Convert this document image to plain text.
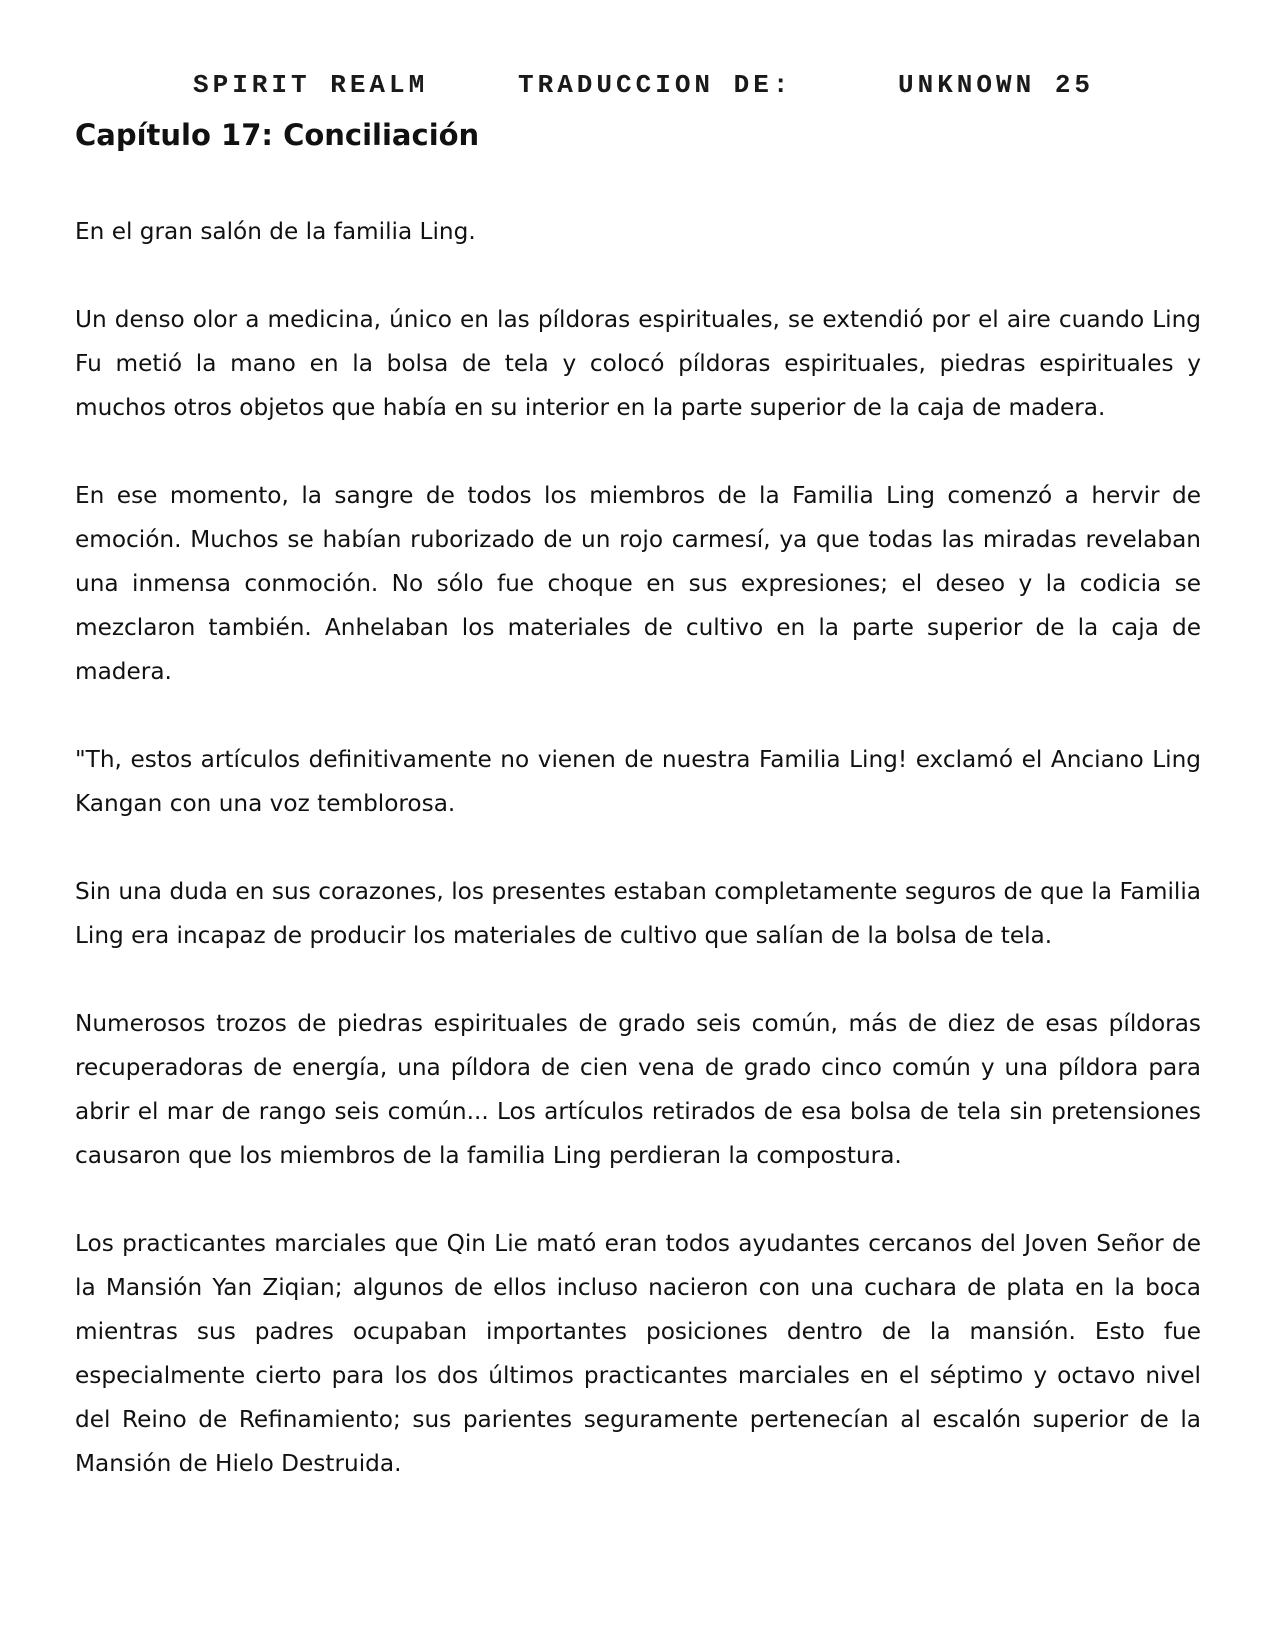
SPIRIT REALM	TRADUCCION DE:	UNKNOWN 25
Capítulo 17: Conciliación

En el gran salón de la familia Ling.

Un denso olor a medicina, único en las píldoras espirituales, se extendió por el aire cuando Ling Fu metió la mano en la bolsa de tela y colocó píldoras espirituales, piedras espirituales y muchos otros objetos que había en su interior en la parte superior de la caja de madera.

En ese momento, la sangre de todos los miembros de la Familia Ling comenzó a hervir de emoción. Muchos se habían ruborizado de un rojo carmesí, ya que todas las miradas revelaban una inmensa conmoción. No sólo fue choque en sus expresiones; el deseo y la codicia se mezclaron también. Anhelaban los materiales de cultivo en la parte superior de la caja de madera.

"Th, estos artículos definitivamente no vienen de nuestra Familia Ling! exclamó el Anciano Ling Kangan con una voz temblorosa.

Sin una duda en sus corazones, los presentes estaban completamente seguros de que la Familia Ling era incapaz de producir los materiales de cultivo que salían de la bolsa de tela.

Numerosos trozos de piedras espirituales de grado seis común, más de diez de esas píldoras recuperadoras de energía, una píldora de cien vena de grado cinco común y una píldora para abrir el mar de rango seis común... Los artículos retirados de esa bolsa de tela sin pretensiones causaron que los miembros de la familia Ling perdieran la compostura.

Los practicantes marciales que Qin Lie mató eran todos ayudantes cercanos del Joven Señor de la Mansión Yan Ziqian; algunos de ellos incluso nacieron con una cuchara de plata en la boca mientras sus padres ocupaban importantes posiciones dentro de la mansión. Esto fue especialmente cierto para los dos últimos practicantes marciales en el séptimo y octavo nivel del Reino de Refinamiento; sus parientes seguramente pertenecían al escalón superior de la Mansión de Hielo Destruida.
